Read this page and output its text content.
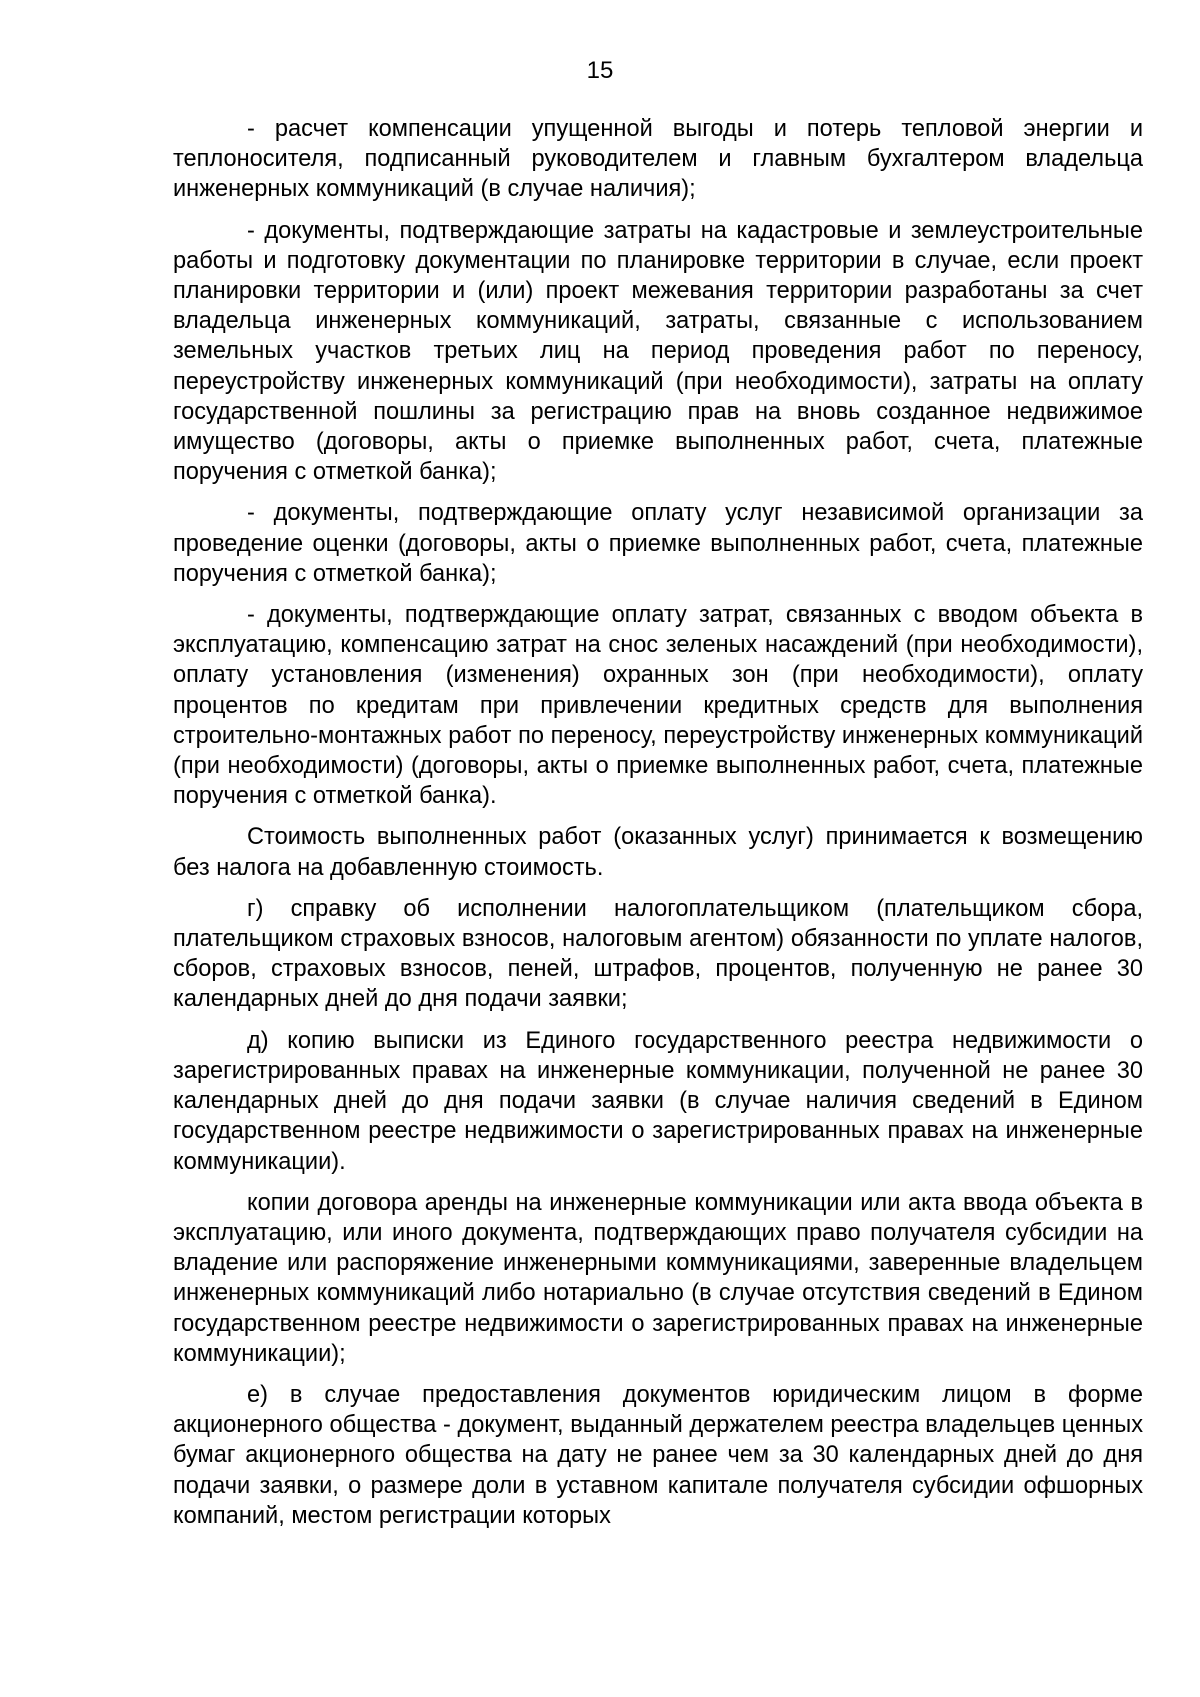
15

- расчет компенсации упущенной выгоды и потерь тепловой энергии и теплоносителя, подписанный руководителем и главным бухгалтером владельца инженерных коммуникаций (в случае наличия);

- документы, подтверждающие затраты на кадастровые и землеустроительные работы и подготовку документации по планировке территории в случае, если проект планировки территории и (или) проект межевания территории разработаны за счет владельца инженерных коммуникаций, затраты, связанные с использованием земельных участков третьих лиц на период проведения работ по переносу, переустройству инженерных коммуникаций (при необходимости), затраты на оплату государственной пошлины за регистрацию прав на вновь созданное недвижимое имущество (договоры, акты о приемке выполненных работ, счета, платежные поручения с отметкой банка);

- документы, подтверждающие оплату услуг независимой организации за проведение оценки (договоры, акты о приемке выполненных работ, счета, платежные поручения с отметкой банка);

- документы, подтверждающие оплату затрат, связанных с вводом объекта в эксплуатацию, компенсацию затрат на снос зеленых насаждений (при необходимости), оплату установления (изменения) охранных зон (при необходимости), оплату процентов по кредитам при привлечении кредитных средств для выполнения строительно-монтажных работ по переносу, переустройству инженерных коммуникаций (при необходимости) (договоры, акты о приемке выполненных работ, счета, платежные поручения с отметкой банка).

Стоимость выполненных работ (оказанных услуг) принимается к возмещению без налога на добавленную стоимость.

г) справку об исполнении налогоплательщиком (плательщиком сбора, плательщиком страховых взносов, налоговым агентом) обязанности по уплате налогов, сборов, страховых взносов, пеней, штрафов, процентов, полученную не ранее 30 календарных дней до дня подачи заявки;

д) копию выписки из Единого государственного реестра недвижимости о зарегистрированных правах на инженерные коммуникации, полученной не ранее 30 календарных дней до дня подачи заявки (в случае наличия сведений в Едином государственном реестре недвижимости о зарегистрированных правах на инженерные коммуникации).

копии договора аренды на инженерные коммуникации или акта ввода объекта в эксплуатацию, или иного документа, подтверждающих право получателя субсидии на владение или распоряжение инженерными коммуникациями, заверенные владельцем инженерных коммуникаций либо нотариально (в случае отсутствия сведений в Едином государственном реестре недвижимости о зарегистрированных правах на инженерные коммуникации);

е) в случае предоставления документов юридическим лицом в форме акционерного общества - документ, выданный держателем реестра владельцев ценных бумаг акционерного общества на дату не ранее чем за 30 календарных дней до дня подачи заявки, о размере доли в уставном капитале получателя субсидии офшорных компаний, местом регистрации которых
